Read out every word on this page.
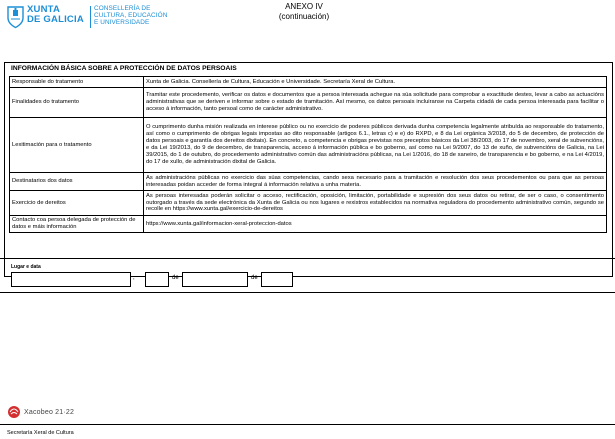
XUNTA
DE GALICIA
CONSELLERÍA DE
CULTURA, EDUCACIÓN
E UNIVERSIDADE
ANEXO IV
(continuación)
INFORMACIÓN BÁSICA SOBRE A PROTECCIÓN DE DATOS PERSOAIS
Responsable do tratamento	Xunta de Galicia. Consellería de Cultura, Educación e Universidade. Secretaría Xeral de Cultura.
Finalidades do tratamento	Tramitar este procedemento, verificar os datos e documentos que a persoa interesada achegue na súa solicitude para comprobar a exactitude destes, levar a cabo as actuacións administrativas que se deriven e informar sobre o estado de tramitación. Así mesmo, os datos persoais incluiranse na Carpeta cidadá de cada persoa interesada para facilitar o acceso á información, tanto persoal como de carácter administrativo.
Lexitimación para o tratamento	O cumprimento dunha misión realizada en interese público ou no exercicio de poderes públicos derivada dunha competencia legalmente atribuída ao responsable do tratamento, así como o cumprimento de obrigas legais impostas ao dito responsable (artigos 6.1., letras c) e e) do RXPD, e 8 da Lei orgánica 3/2018, do 5 de decembro, de protección de datos persoais e garantía dos dereitos dixitais). En concreto, a competencia e obrigas previstas nos preceptos básicos da Lei 38/2003, do 17 de novembro, xeral de subvencións, e da Lei 19/2013, do 9 de decembro, de transparencia, acceso á información pública e bo goberno, así como na Lei 9/2007, do 13 de xuño, de subvencións de Galicia, na Lei 39/2015, do 1 de outubro, do procedemento administrativo común das administracións públicas, na Lei 1/2016, do 18 de xaneiro, de transparencia e bo goberno, e na Lei 4/2019, do 17 de xullo, de administración dixital de Galicia.
Destinatarios dos datos	As administracións públicas no exercicio das súas competencias, cando sexa necesario para a tramitación e resolución dos seus procedementos ou para que as persoas interesadas poidan acceder de forma integral á información relativa a unha materia.
Exercicio de dereitos	As persoas interesadas poderán solicitar o acceso, rectificación, oposición, limitación, portabilidade e supresión dos seus datos ou retirar, de ser o caso, o consentimento outorgado a través da sede electrónica da Xunta de Galicia ou nos lugares e rexistros establecidos na normativa reguladora do procedemento administrativo común, segundo se recolle en https://www.xunta.gal/exercicio-de-dereitos
Contacto coa persoa delegada de protección de datos e máis información	https://www.xunta.gal/informacion-xeral-proteccion-datos
Lugar e data
,	de	de
Xacobeo 21·22
Secretaría Xeral de Cultura
